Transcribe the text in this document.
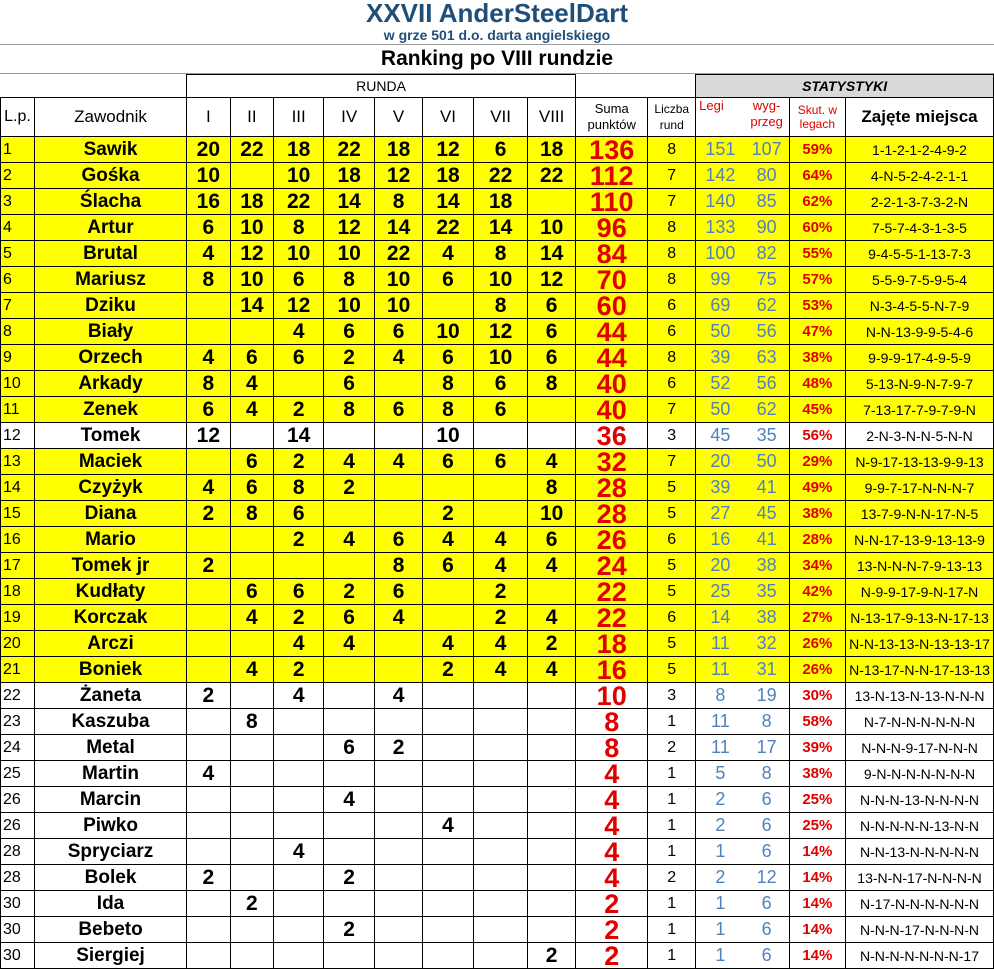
XXVII AnderSteelDart
w grze 501 d.o. darta angielskiego
Ranking po VIII rundzie
		RUNDA										STATYSTYKI			
L.p.	Zawodnik	I	II	III	IV	V	VI	VII	VIII	Suma punktów	Liczba rund	Legi	wyg-przeg	Skut. w legach	Zajęte miejsca
1	Sawik	20	22	18	22	18	12	6	18	136	8	151	107	59%	1-1-2-1-2-4-9-2
2	Gośka	10		10	18	12	18	22	22	112	7	142	80	64%	4-N-5-2-4-2-1-1
3	Ślacha	16	18	22	14	8	14	18		110	7	140	85	62%	2-2-1-3-7-3-2-N
4	Artur	6	10	8	12	14	22	14	10	96	8	133	90	60%	7-5-7-4-3-1-3-5
5	Brutal	4	12	10	10	22	4	8	14	84	8	100	82	55%	9-4-5-5-1-13-7-3
6	Mariusz	8	10	6	8	10	6	10	12	70	8	99	75	57%	5-5-9-7-5-9-5-4
7	Dziku		14	12	10	10		8	6	60	6	69	62	53%	N-3-4-5-5-N-7-9
8	Biały			4	6	6	10	12	6	44	6	50	56	47%	N-N-13-9-9-5-4-6
9	Orzech	4	6	6	2	4	6	10	6	44	8	39	63	38%	9-9-9-17-4-9-5-9
10	Arkady	8	4		6		8	6	8	40	6	52	56	48%	5-13-N-9-N-7-9-7
11	Zenek	6	4	2	8	6	8	6		40	7	50	62	45%	7-13-17-7-9-7-9-N
12	Tomek	12		14			10			36	3	45	35	56%	2-N-3-N-N-5-N-N
13	Maciek		6	2	4	4	6	6	4	32	7	20	50	29%	N-9-17-13-13-9-9-13
14	Czyżyk	4	6	8	2				8	28	5	39	41	49%	9-9-7-17-N-N-N-7
15	Diana	2	8	6			2		10	28	5	27	45	38%	13-7-9-N-N-17-N-5
16	Mario			2	4	6	4	4	6	26	6	16	41	28%	N-N-17-13-9-13-13-9
17	Tomek jr	2				8	6	4	4	24	5	20	38	34%	13-N-N-N-7-9-13-13
18	Kudłaty		6	6	2	6		2		22	5	25	35	42%	N-9-9-17-9-N-17-N
19	Korczak		4	2	6	4		2	4	22	6	14	38	27%	N-13-17-9-13-N-17-13
20	Arczi			4	4		4	4	2	18	5	11	32	26%	N-N-13-13-N-13-13-17
21	Boniek		4	2			2	4	4	16	5	11	31	26%	N-13-17-N-N-17-13-13
22	Żaneta	2		4		4				10	3	8	19	30%	13-N-13-N-13-N-N-N
23	Kaszuba		8							8	1	11	8	58%	N-7-N-N-N-N-N-N
24	Metal				6	2				8	2	11	17	39%	N-N-N-9-17-N-N-N
25	Martin	4								4	1	5	8	38%	9-N-N-N-N-N-N-N
26	Marcin				4					4	1	2	6	25%	N-N-N-13-N-N-N-N
26	Piwko						4			4	1	2	6	25%	N-N-N-N-N-13-N-N
28	Spryciarz			4						4	1	1	6	14%	N-N-13-N-N-N-N-N
28	Bolek	2			2					4	2	2	12	14%	13-N-N-17-N-N-N-N
30	Ida		2							2	1	1	6	14%	N-17-N-N-N-N-N-N
30	Bebeto				2					2	1	1	6	14%	N-N-N-17-N-N-N-N
30	Siergiej								2	2	1	1	6	14%	N-N-N-N-N-N-N-17
